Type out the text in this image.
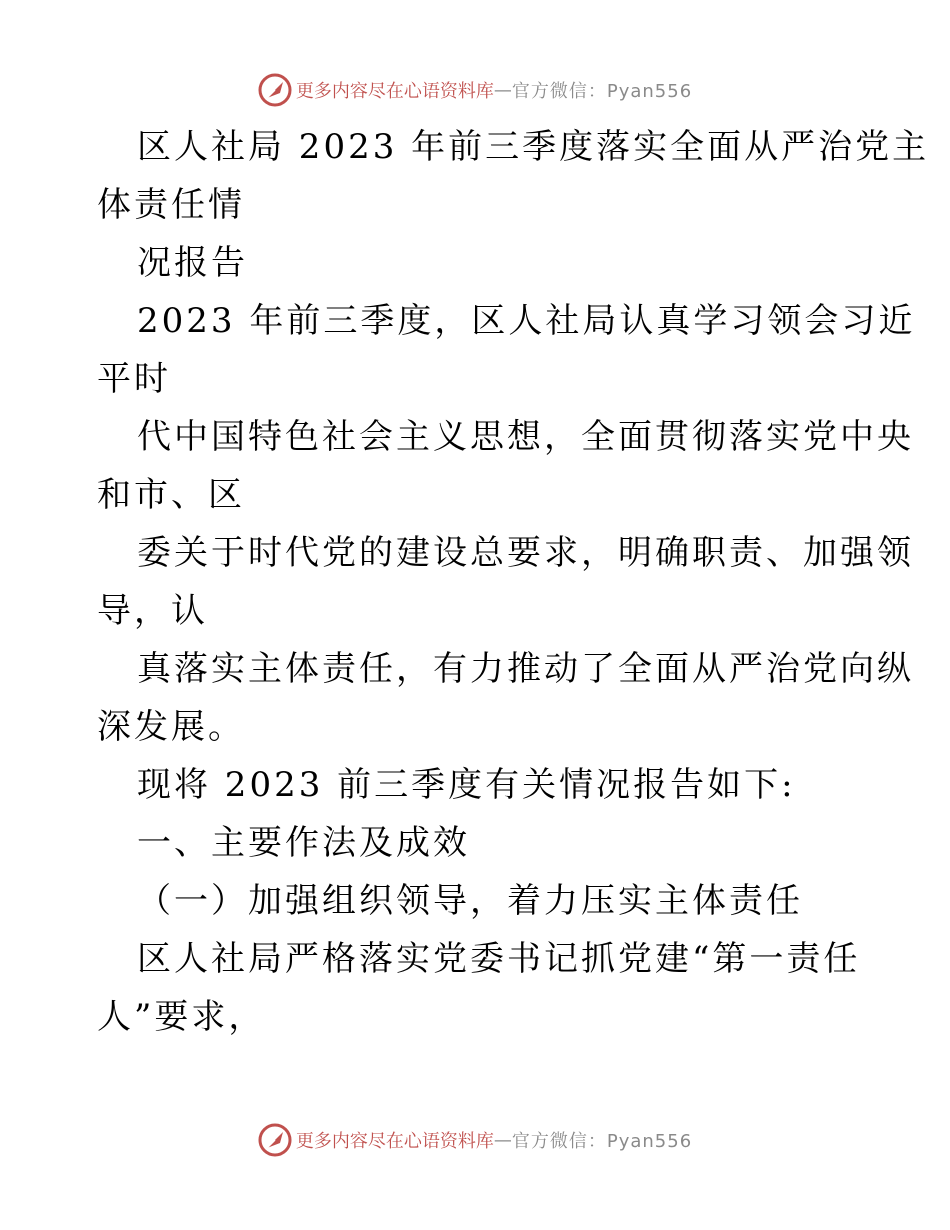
更多内容尽在心语资料库 — 官方微信：Pyan556
区人社局 2023 年前三季度落实全面从严治党主
体责任情
况报告
2023 年前三季度，区人社局认真学习领会习近
平时
代中国特色社会主义思想，全面贯彻落实党中央
和市、区
委关于时代党的建设总要求，明确职责、加强领
导，认
真落实主体责任，有力推动了全面从严治党向纵
深发展。
现将 2023 前三季度有关情况报告如下:
一、主要作法及成效
（一）加强组织领导，着力压实主体责任
区人社局严格落实党委书记抓党建“第一责任
人”要求，
更多内容尽在心语资料库 — 官方微信：Pyan556
